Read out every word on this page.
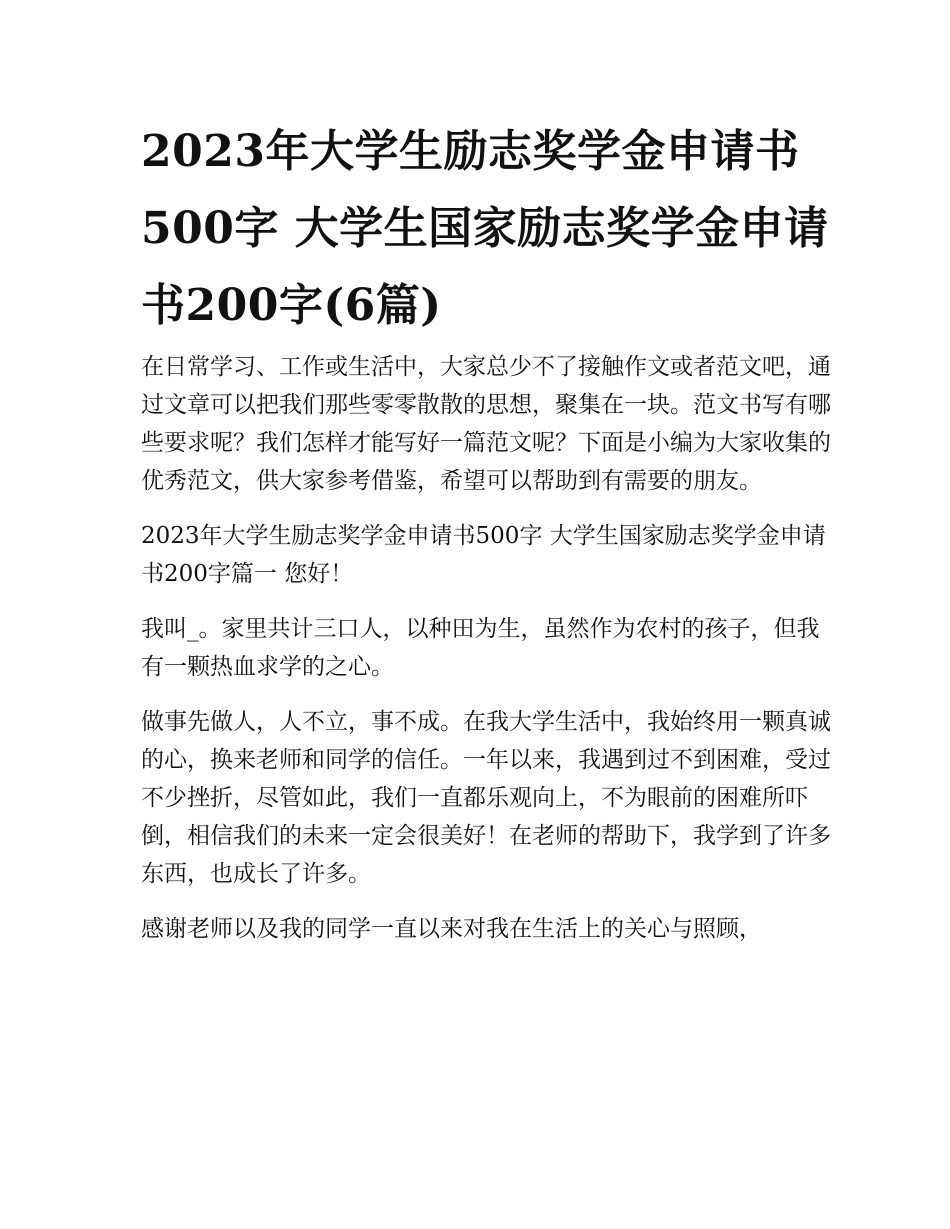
2023年大学生励志奖学金申请书500字 大学生国家励志奖学金申请书200字(6篇)

在日常学习、工作或生活中，大家总少不了接触作文或者范文吧，通过文章可以把我们那些零零散散的思想，聚集在一块。范文书写有哪些要求呢？我们怎样才能写好一篇范文呢？下面是小编为大家收集的优秀范文，供大家参考借鉴，希望可以帮助到有需要的朋友。

2023年大学生励志奖学金申请书500字 大学生国家励志奖学金申请书200字篇一 您好！

我叫_。家里共计三口人，以种田为生，虽然作为农村的孩子，但我有一颗热血求学的之心。

做事先做人，人不立，事不成。在我大学生活中，我始终用一颗真诚的心，换来老师和同学的信任。一年以来，我遇到过不到困难，受过不少挫折，尽管如此，我们一直都乐观向上，不为眼前的困难所吓倒，相信我们的未来一定会很美好！在老师的帮助下，我学到了许多东西，也成长了许多。

感谢老师以及我的同学一直以来对我在生活上的关心与照顾，
